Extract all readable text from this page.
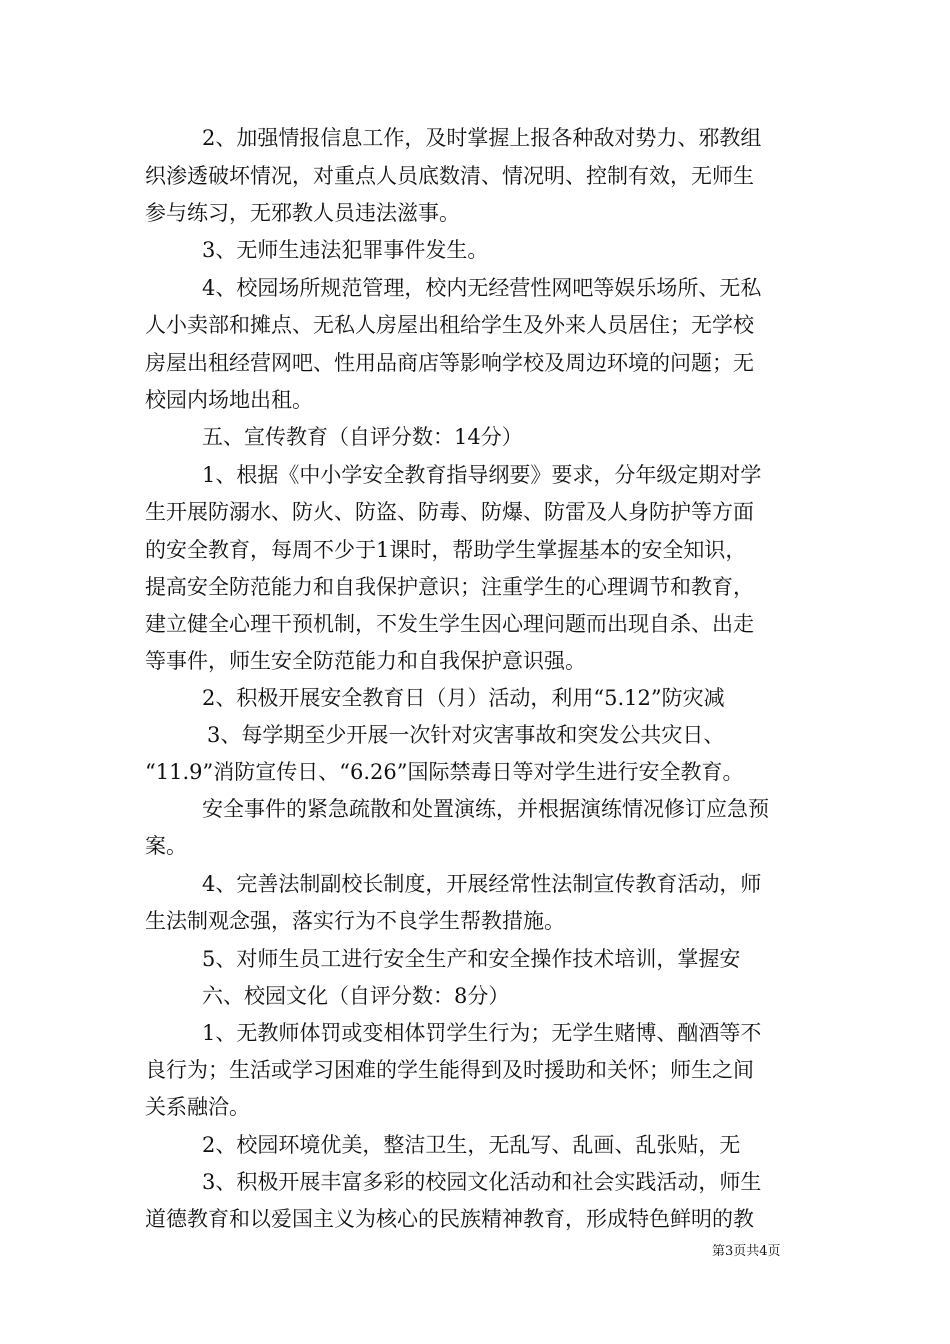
2、加强情报信息工作，及时掌握上报各种敌对势力、邪教组
织渗透破坏情况，对重点人员底数清、情况明、控制有效，无师生
参与练习，无邪教人员违法滋事。
3、无师生违法犯罪事件发生。
4、校园场所规范管理，校内无经营性网吧等娱乐场所、无私
人小卖部和摊点、无私人房屋出租给学生及外来人员居住；无学校
房屋出租经营网吧、性用品商店等影响学校及周边环境的问题；无
校园内场地出租。
五、宣传教育（自评分数：14分）
1、根据《中小学安全教育指导纲要》要求，分年级定期对学
生开展防溺水、防火、防盗、防毒、防爆、防雷及人身防护等方面
的安全教育，每周不少于1课时，帮助学生掌握基本的安全知识，
提高安全防范能力和自我保护意识；注重学生的心理调节和教育，
建立健全心理干预机制，不发生学生因心理问题而出现自杀、出走
等事件，师生安全防范能力和自我保护意识强。
2、积极开展安全教育日（月）活动，利用“5.12”防灾减
3、每学期至少开展一次针对灾害事故和突发公共灾日、
“11.9”消防宣传日、“6.26”国际禁毒日等对学生进行安全教育。
安全事件的紧急疏散和处置演练，并根据演练情况修订应急预
案。
4、完善法制副校长制度，开展经常性法制宣传教育活动，师
生法制观念强，落实行为不良学生帮教措施。
5、对师生员工进行安全生产和安全操作技术培训，掌握安
六、校园文化（自评分数：8分）
1、无教师体罚或变相体罚学生行为；无学生赌博、酗酒等不
良行为；生活或学习困难的学生能得到及时援助和关怀；师生之间
关系融洽。
2、校园环境优美，整洁卫生，无乱写、乱画、乱张贴，无
3、积极开展丰富多彩的校园文化活动和社会实践活动，师生
道德教育和以爱国主义为核心的民族精神教育，形成特色鲜明的教
第3页共4页
